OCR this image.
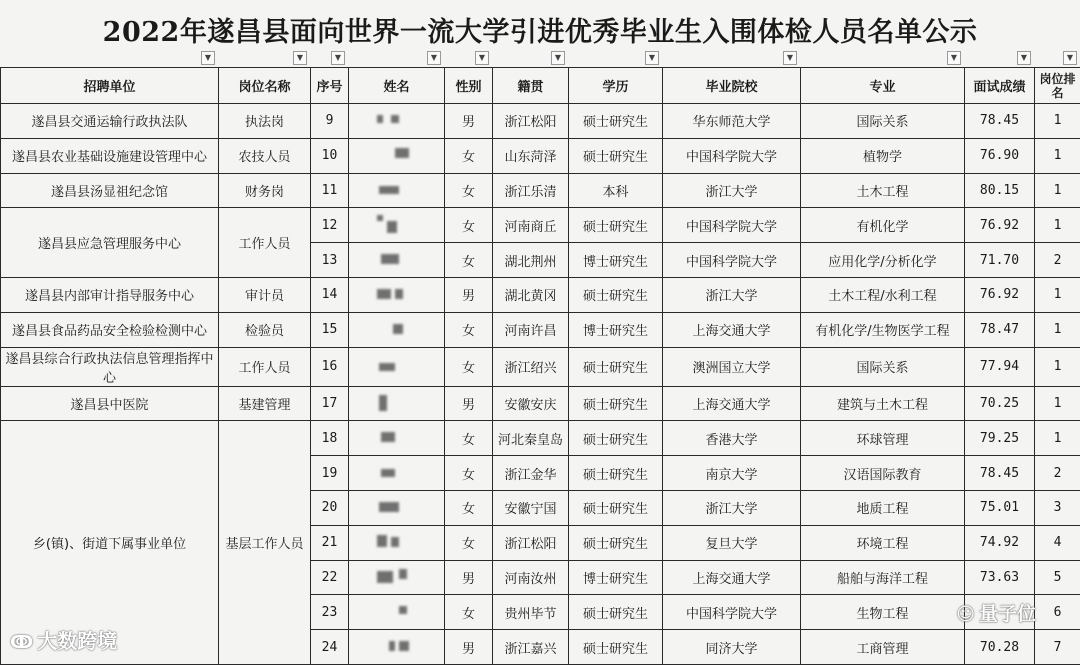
2022年遂昌县面向世界一流大学引进优秀毕业生入围体检人员名单公示
▼	▼	▼	▼	▼	▼	▼	▼	▼	▼	▼
招聘单位	岗位名称	序号	姓名	性别	籍贯	学历	毕业院校	专业	面试成绩	岗位排名
遂昌县交通运输行政执法队	执法岗	9		男	浙江松阳	硕士研究生	华东师范大学	国际关系	78.45	1
遂昌县农业基础设施建设管理中心	农技人员	10		女	山东菏泽	硕士研究生	中国科学院大学	植物学	76.90	1
遂昌县汤显祖纪念馆	财务岗	11		女	浙江乐清	本科	浙江大学	土木工程	80.15	1
遂昌县应急管理服务中心	工作人员	12		女	河南商丘	硕士研究生	中国科学院大学	有机化学	76.92	1
		13		女	湖北荆州	博士研究生	中国科学院大学	应用化学/分析化学	71.70	2
遂昌县内部审计指导服务中心	审计员	14		男	湖北黄冈	硕士研究生	浙江大学	土木工程/水利工程	76.92	1
遂昌县食品药品安全检验检测中心	检验员	15		女	河南许昌	博士研究生	上海交通大学	有机化学/生物医学工程	78.47	1
遂昌县综合行政执法信息管理指挥中心	工作人员	16		女	浙江绍兴	硕士研究生	澳洲国立大学	国际关系	77.94	1
遂昌县中医院	基建管理	17		男	安徽安庆	硕士研究生	上海交通大学	建筑与土木工程	70.25	1
乡(镇)、街道下属事业单位	基层工作人员	18		女	河北秦皇岛	硕士研究生	香港大学	环球管理	79.25	1
		19		女	浙江金华	硕士研究生	南京大学	汉语国际教育	78.45	2
		20		女	安徽宁国	硕士研究生	浙江大学	地质工程	75.01	3
		21		女	浙江松阳	硕士研究生	复旦大学	环境工程	74.92	4
		22		男	河南汝州	博士研究生	上海交通大学	船舶与海洋工程	73.63	5
		23		女	贵州毕节	硕士研究生	中国科学院大学	生物工程		6
		24		男	浙江嘉兴	硕士研究生	同济大学	工商管理	70.28	7
ↂ 大数跨境
☺ 量子位
